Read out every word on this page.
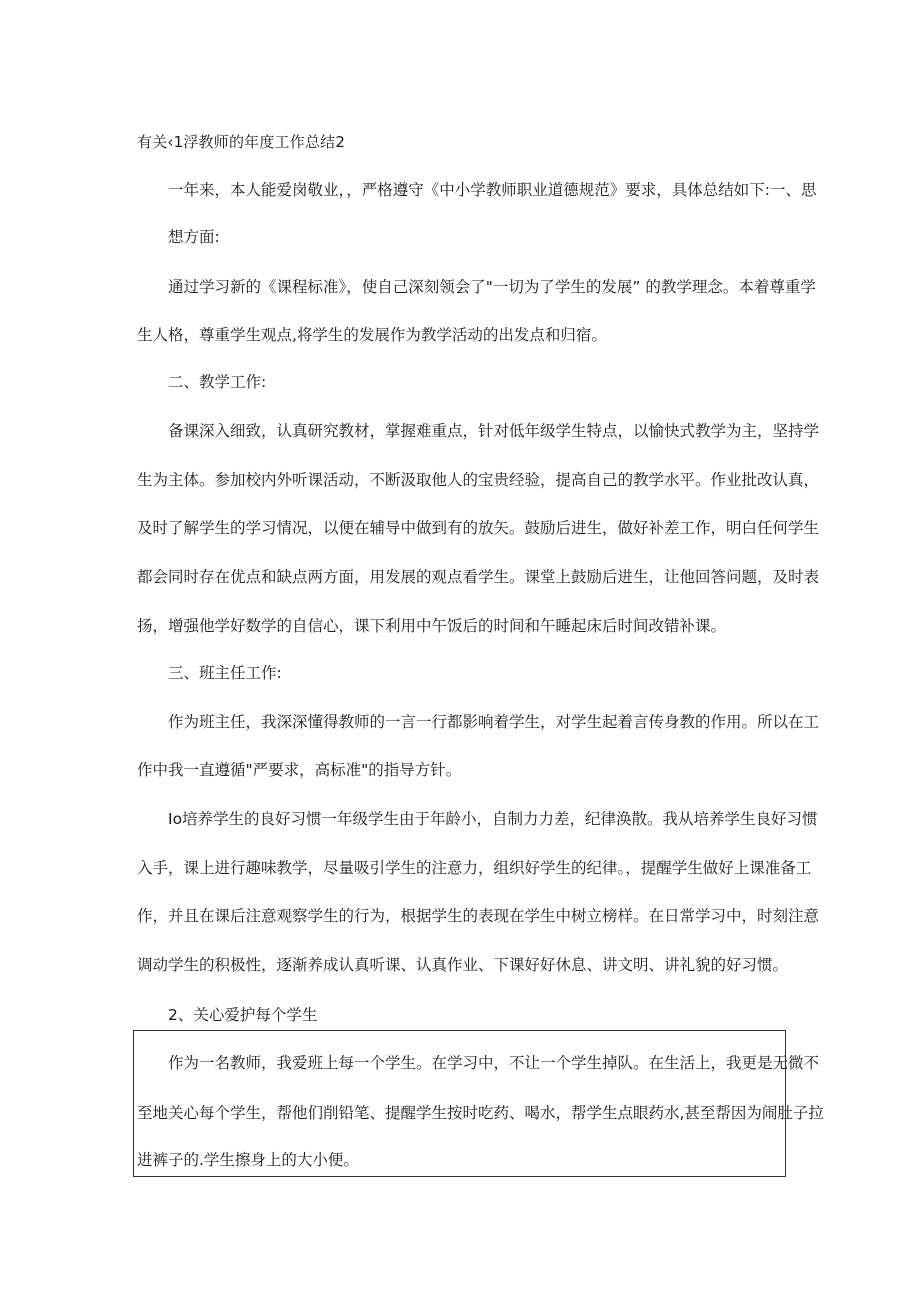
有关‹1浮教师的年度工作总结2
一年来，本人能爱岗敬业，，严格遵守《中小学教师职业道德规范》要求，具体总结如下:一、思
想方面:
通过学习新的《课程标准》，使自己深刻领会了"一切为了学生的发展” 的教学理念。本着尊重学
生人格，尊重学生观点,将学生的发展作为教学活动的出发点和归宿。
二、教学工作:
备课深入细致，认真研究教材，掌握难重点，针对低年级学生特点，以愉快式教学为主，坚持学
生为主体。参加校内外听课活动，不断汲取他人的宝贵经验，提高自己的教学水平。作业批改认真，
及时了解学生的学习情况，以便在辅导中做到有的放矢。鼓励后进生，做好补差工作，明白任何学生
都会同时存在优点和缺点两方面，用发展的观点看学生。课堂上鼓励后进生，让他回答问题，及时表
扬，增强他学好数学的自信心，课下利用中午饭后的时间和午睡起床后时间改错补课。
三、班主任工作:
作为班主任，我深深懂得教师的一言一行都影响着学生，对学生起着言传身教的作用。所以在工
作中我一直遵循"严要求，高标准"的指导方针。
Io培养学生的良好习惯一年级学生由于年龄小，自制力力差，纪律涣散。我从培养学生良好习惯
入手，课上进行趣味教学，尽量吸引学生的注意力，组织好学生的纪律。，提醒学生做好上课准备工
作，并且在课后注意观察学生的行为，根据学生的表现在学生中树立榜样。在日常学习中，时刻注意
调动学生的积极性，逐渐养成认真听课、认真作业、下课好好休息、讲文明、讲礼貌的好习惯。
2、关心爱护每个学生
作为一名教师，我爱班上每一个学生。在学习中，不让一个学生掉队。在生活上，我更是无微不
至地关心每个学生，帮他们削铅笔、提醒学生按时吃药、喝水，帮学生点眼药水,甚至帮因为闹肚子拉
进裤子的.学生擦身上的大小便。
